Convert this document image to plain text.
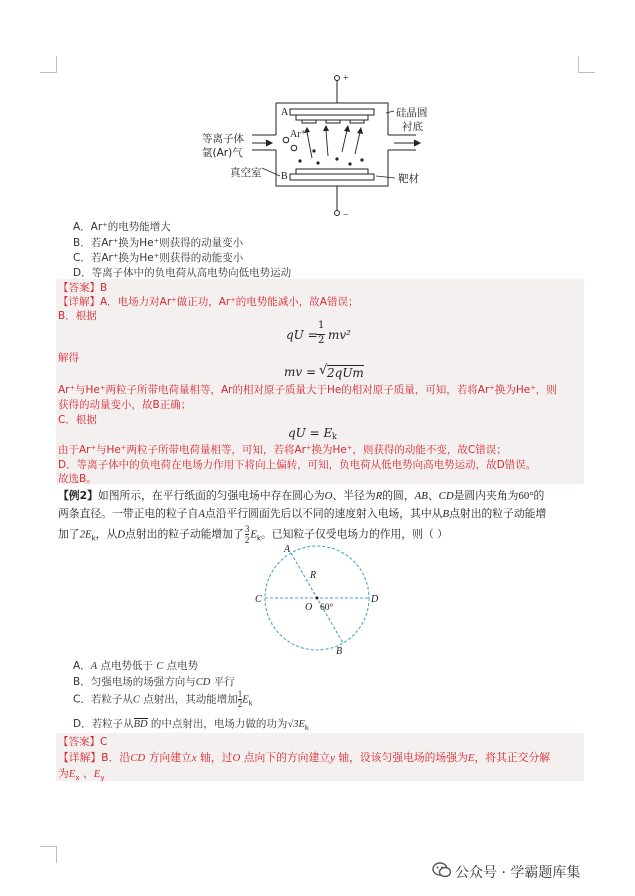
+
−
A
B
Ar⁺
等离子体
氩(Ar)气
真空室
硅晶圆
衬底
靶材
A．Ar⁺的电势能增大
B．若Ar⁺换为He⁺则获得的动量变小
C．若Ar⁺换为He⁺则获得的动能变小
D．等离子体中的负电荷从高电势向低电势运动
【答案】B
【详解】A．电场力对Ar⁺做正功，Ar⁺的电势能减小，故A错误；
B．根据
qU =
1
2 mv²
解得
mv = √ 2qUm
Ar⁺与He⁺两粒子所带电荷量相等，Ar的相对原子质量大于He的相对原子质量，可知，若将Ar⁺换为He⁺，则
获得的动量变小，故B正确；
C．根据
qU = E k
由于Ar⁺与He⁺两粒子所带电荷量相等，可知，若将Ar⁺换为He⁺，则获得的动能不变，故C错误；
D．等离子体中的负电荷在电场力作用下将向上偏转，可知，负电荷从低电势向高电势运动，故D错误。
故选B。
【例2】如图所示，在平行纸面的匀强电场中存在圆心为O、半径为R的圆，AB、CD是圆内夹角为60°的
两条直径。一带正电的粒子自A点沿平行圆面先后以不同的速度射入电场，其中从B点射出的粒子动能增
加了$2E_k$，从D点射出的粒子动能增加了 $\frac{3}{2} E_k$。已知粒子仅受电场力的作用，则（ ）
A
B
C	D
O
R
60°
A．A 点电势低于 C 点电势
B．匀强电场的场强方向与CD 平行
C．若粒子从C 点射出，其动能增加 $\frac{1}{2} E_k$
D．若粒子从BD 的中点射出，电场力做的功为$√3E_k$
【答案】C
【详解】B．沿CD 方向建立x 轴，过O 点向下的方向建立y 轴，设该匀强电场的场强为E，将其正交分解
为$E_x$ 、$E_y$
公众号 · 学霸题库集
